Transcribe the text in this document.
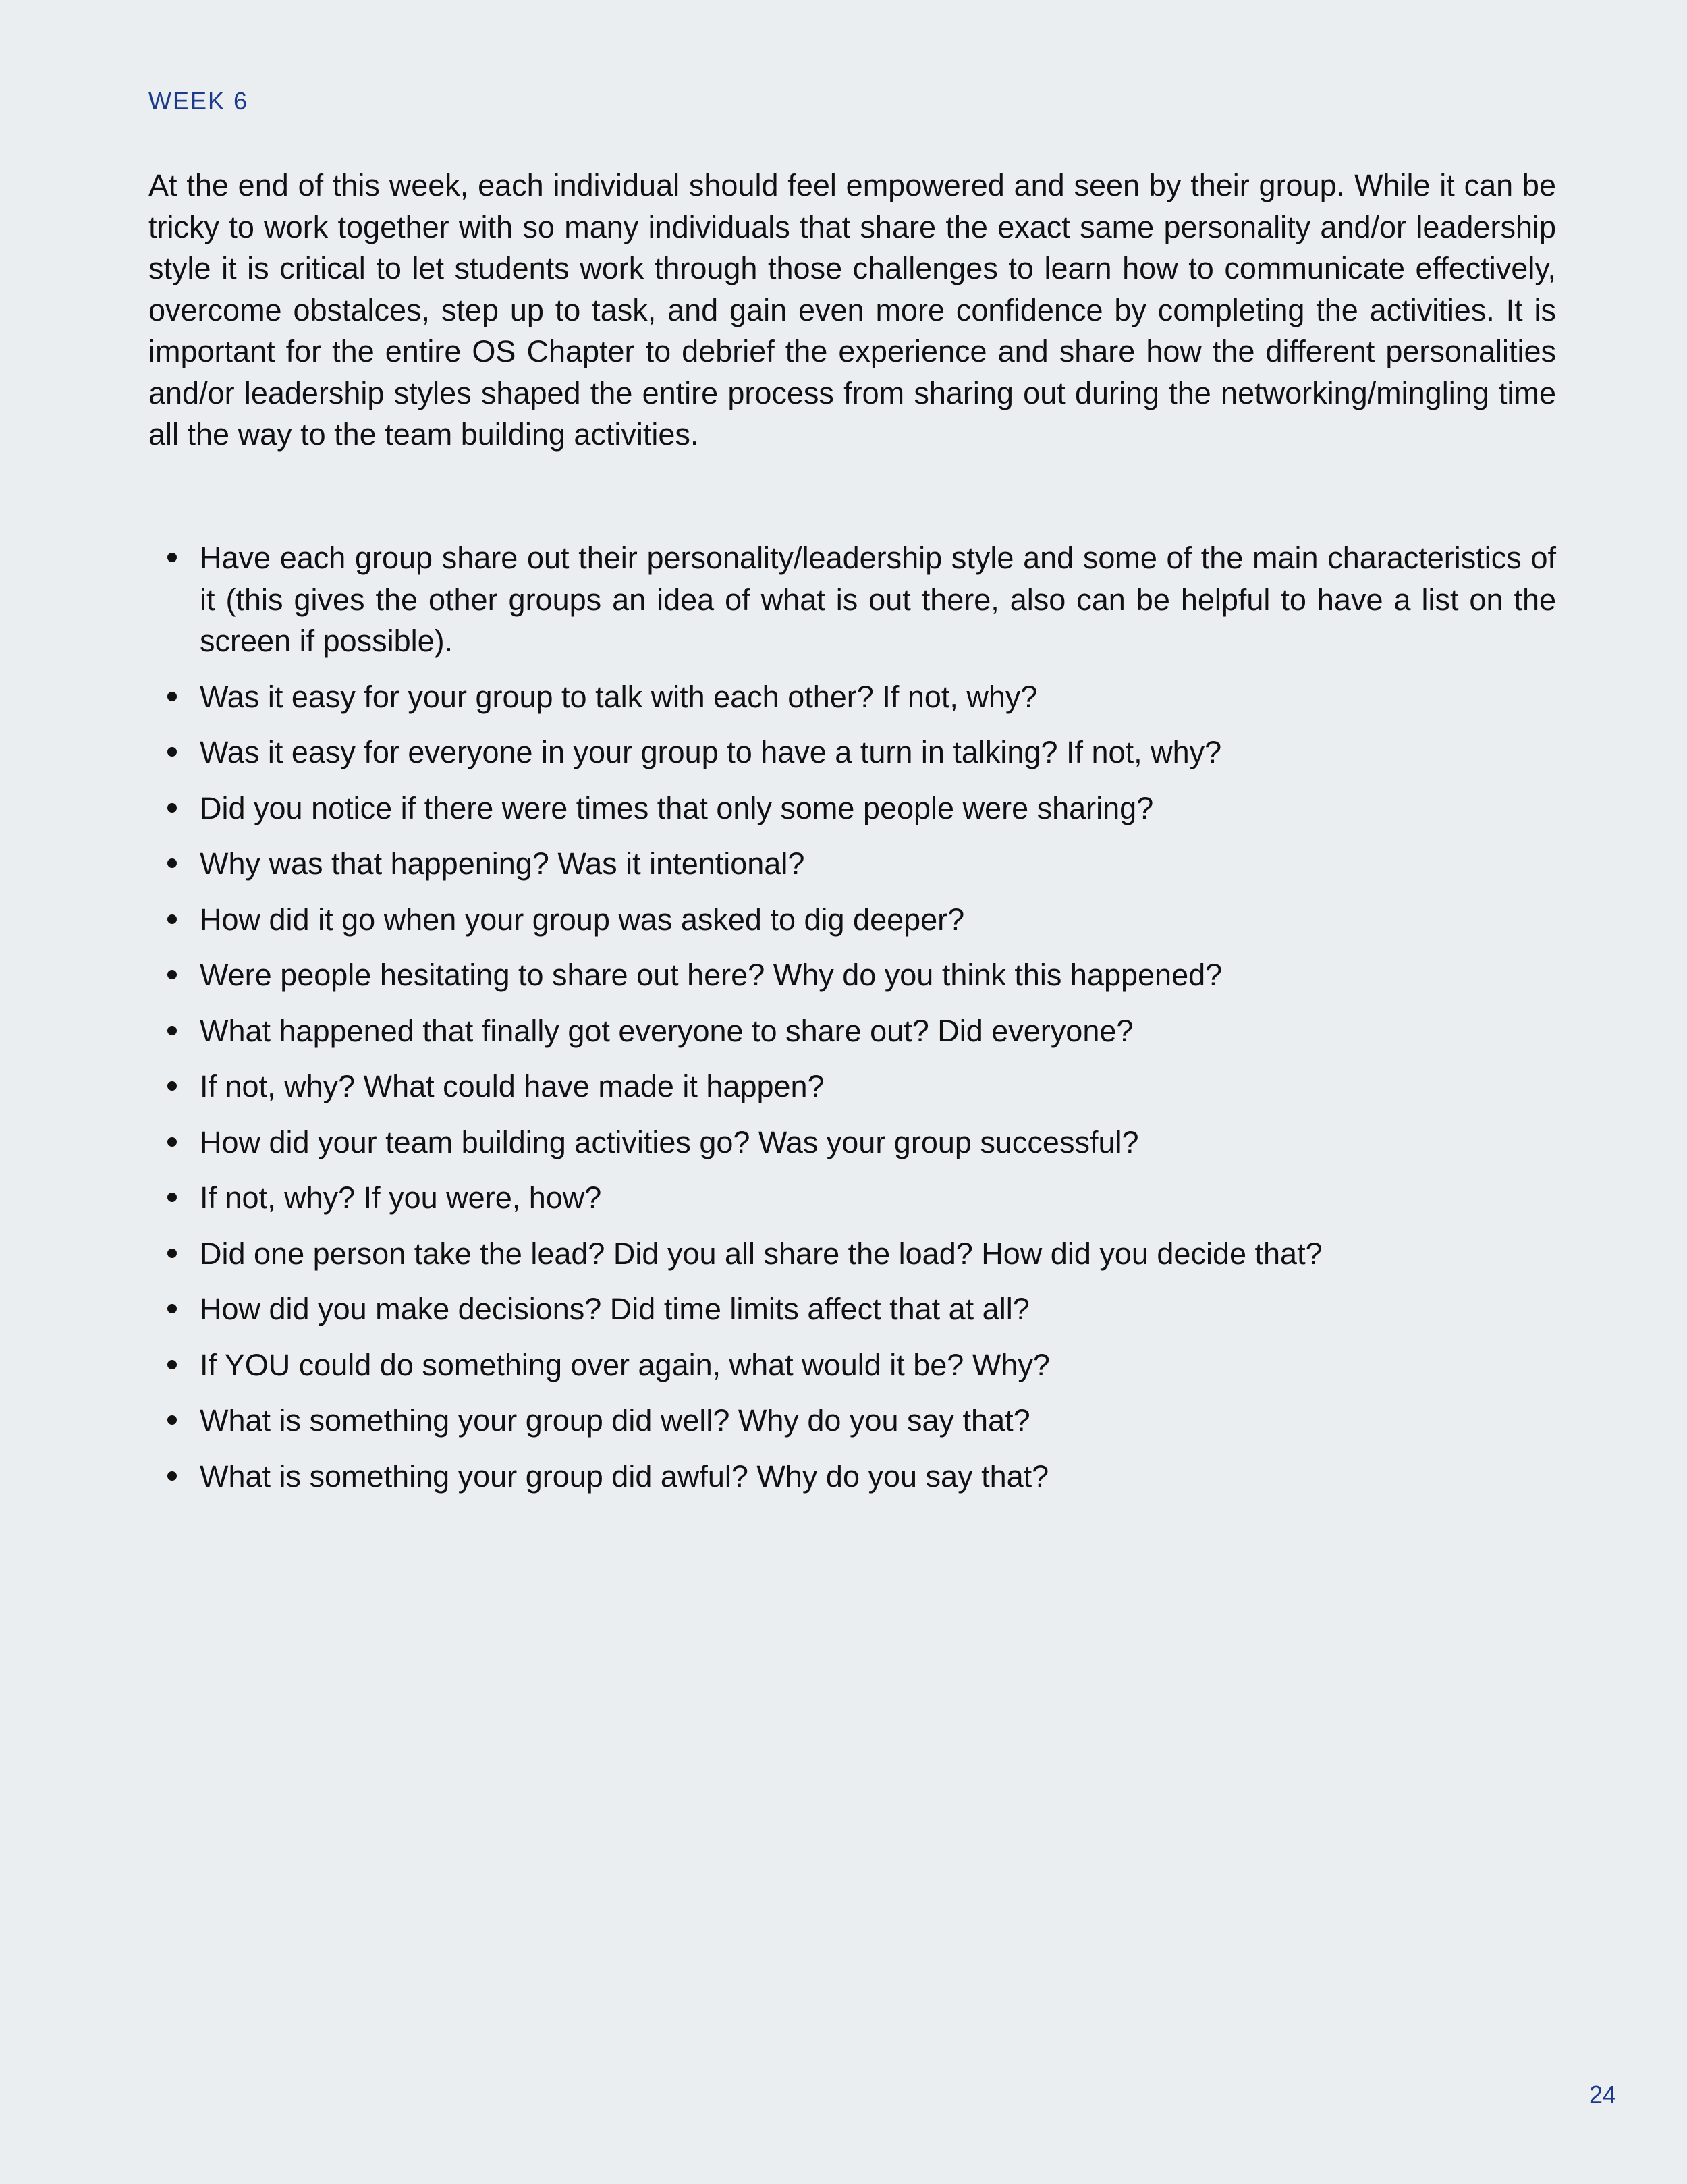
WEEK 6

At the end of this week, each individual should feel empowered and seen by their group. While it can be tricky to work together with so many individuals that share the exact same personality and/or leadership style it is critical to let students work through those challenges to learn how to communicate effectively, overcome obstalces, step up to task, and gain even more confidence by completing the activities. It is important for the entire OS Chapter to debrief the experience and share how the different personalities and/or leadership styles shaped the entire process from sharing out during the networking/mingling time all the way to the team building activities.

Have each group share out their personality/leadership style and some of the main characteristics of it (this gives the other groups an idea of what is out there, also can be helpful to have a list on the screen if possible).
Was it easy for your group to talk with each other? If not, why?
Was it easy for everyone in your group to have a turn in talking? If not, why?
Did you notice if there were times that only some people were sharing?
Why was that happening? Was it intentional?
How did it go when your group was asked to dig deeper?
Were people hesitating to share out here? Why do you think this happened?
What happened that finally got everyone to share out? Did everyone?
If not, why? What could have made it happen?
How did your team building activities go? Was your group successful?
If not, why? If you were, how?
Did one person take the lead? Did you all share the load? How did you decide that?
How did you make decisions? Did time limits affect that at all?
If YOU could do something over again, what would it be? Why?
What is something your group did well? Why do you say that?
What is something your group did awful? Why do you say that?
24
